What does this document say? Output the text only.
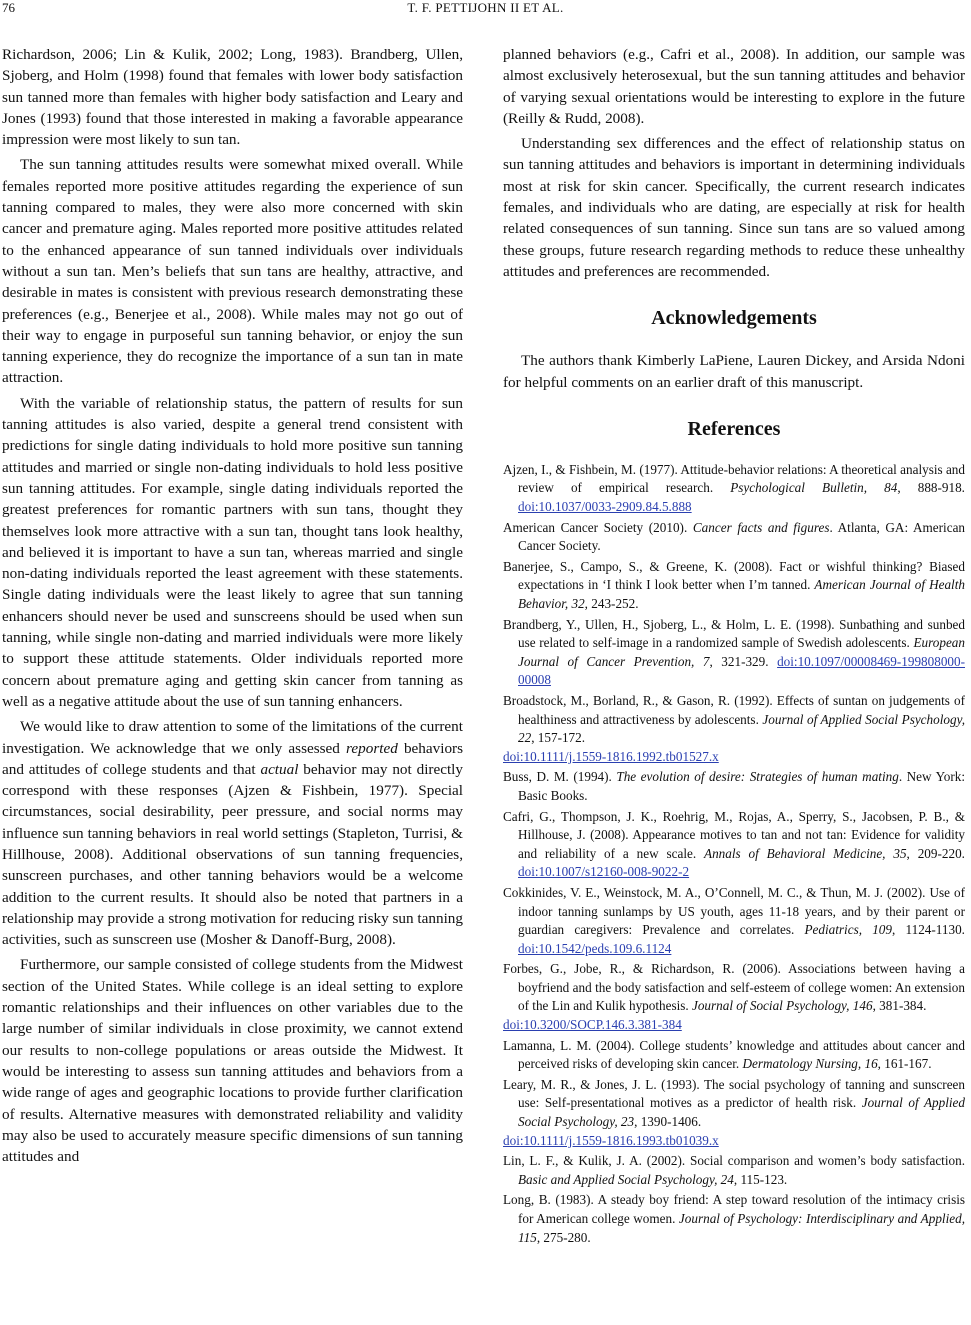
76	T. F. PETTIJOHN II ET AL.

Richardson, 2006; Lin & Kulik, 2002; Long, 1983). Brandberg, Ullen, Sjoberg, and Holm (1998) found that females with lower body satisfaction sun tanned more than females with higher body satisfaction and Leary and Jones (1993) found that those interested in making a favorable appearance impression were most likely to sun tan.

The sun tanning attitudes results were somewhat mixed overall. While females reported more positive attitudes regarding the experience of sun tanning compared to males, they were also more concerned with skin cancer and premature aging. Males reported more positive attitudes related to the enhanced appearance of sun tanned individuals over individuals without a sun tan. Men’s beliefs that sun tans are healthy, attractive, and desirable in mates is consistent with previous research demonstrating these preferences (e.g., Benerjee et al., 2008). While males may not go out of their way to engage in purposeful sun tanning behavior, or enjoy the sun tanning experience, they do recognize the importance of a sun tan in mate attraction.

With the variable of relationship status, the pattern of results for sun tanning attitudes is also varied, despite a general trend consistent with predictions for single dating individuals to hold more positive sun tanning attitudes and married or single non-dating individuals to hold less positive sun tanning attitudes. For example, single dating individuals reported the greatest preferences for romantic partners with sun tans, thought they themselves look more attractive with a sun tan, thought tans look healthy, and believed it is important to have a sun tan, whereas married and single non-dating individuals reported the least agreement with these statements. Single dating individuals were the least likely to agree that sun tanning enhancers should never be used and sunscreens should be used when sun tanning, while single non-dating and married individuals were more likely to support these attitude statements. Older individuals reported more concern about premature aging and getting skin cancer from tanning as well as a negative attitude about the use of sun tanning enhancers.

We would like to draw attention to some of the limitations of the current investigation. We acknowledge that we only assessed reported behaviors and attitudes of college students and that actual behavior may not directly correspond with these responses (Ajzen & Fishbein, 1977). Special circumstances, social desirability, peer pressure, and social norms may influence sun tanning behaviors in real world settings (Stapleton, Turrisi, & Hillhouse, 2008). Additional observations of sun tanning frequencies, sunscreen purchases, and other tanning behaviors would be a welcome addition to the current results. It should also be noted that partners in a relationship may provide a strong motivation for reducing risky sun tanning activities, such as sunscreen use (Mosher & Danoff-Burg, 2008).

Furthermore, our sample consisted of college students from the Midwest section of the United States. While college is an ideal setting to explore romantic relationships and their influences on other variables due to the large number of similar individuals in close proximity, we cannot extend our results to non-college populations or areas outside the Midwest. It would be interesting to assess sun tanning attitudes and behaviors from a wide range of ages and geographic locations to provide further clarification of results. Alternative measures with demonstrated reliability and validity may also be used to accurately measure specific dimensions of sun tanning attitudes and

planned behaviors (e.g., Cafri et al., 2008). In addition, our sample was almost exclusively heterosexual, but the sun tanning attitudes and behavior of varying sexual orientations would be interesting to explore in the future (Reilly & Rudd, 2008).

Understanding sex differences and the effect of relationship status on sun tanning attitudes and behaviors is important in determining individuals most at risk for skin cancer. Specifically, the current research indicates females, and individuals who are dating, are especially at risk for health related consequences of sun tanning. Since sun tans are so valued among these groups, future research regarding methods to reduce these unhealthy attitudes and preferences are recommended.

Acknowledgements

The authors thank Kimberly LaPiene, Lauren Dickey, and Arsida Ndoni for helpful comments on an earlier draft of this manuscript.

References

Ajzen, I., & Fishbein, M. (1977). Attitude-behavior relations: A theoretical analysis and review of empirical research. Psychological Bulletin, 84, 888-918. doi:10.1037/0033-2909.84.5.888

American Cancer Society (2010). Cancer facts and figures. Atlanta, GA: American Cancer Society.

Banerjee, S., Campo, S., & Greene, K. (2008). Fact or wishful thinking? Biased expectations in ‘I think I look better when I’m tanned. American Journal of Health Behavior, 32, 243-252.

Brandberg, Y., Ullen, H., Sjoberg, L., & Holm, L. E. (1998). Sunbathing and sunbed use related to self-image in a randomized sample of Swedish adolescents. European Journal of Cancer Prevention, 7, 321-329. doi:10.1097/00008469-199808000-00008

Broadstock, M., Borland, R., & Gason, R. (1992). Effects of suntan on judgements of healthiness and attractiveness by adolescents. Journal of Applied Social Psychology, 22, 157-172.
doi:10.1111/j.1559-1816.1992.tb01527.x

Buss, D. M. (1994). The evolution of desire: Strategies of human mating. New York: Basic Books.

Cafri, G., Thompson, J. K., Roehrig, M., Rojas, A., Sperry, S., Jacobsen, P. B., & Hillhouse, J. (2008). Appearance motives to tan and not tan: Evidence for validity and reliability of a new scale. Annals of Behavioral Medicine, 35, 209-220. doi:10.1007/s12160-008-9022-2

Cokkinides, V. E., Weinstock, M. A., O’Connell, M. C., & Thun, M. J. (2002). Use of indoor tanning sunlamps by US youth, ages 11-18 years, and by their parent or guardian caregivers: Prevalence and correlates. Pediatrics, 109, 1124-1130. doi:10.1542/peds.109.6.1124

Forbes, G., Jobe, R., & Richardson, R. (2006). Associations between having a boyfriend and the body satisfaction and self-esteem of college women: An extension of the Lin and Kulik hypothesis. Journal of Social Psychology, 146, 381-384.
doi:10.3200/SOCP.146.3.381-384

Lamanna, L. M. (2004). College students’ knowledge and attitudes about cancer and perceived risks of developing skin cancer. Dermatology Nursing, 16, 161-167.

Leary, M. R., & Jones, J. L. (1993). The social psychology of tanning and sunscreen use: Self-presentational motives as a predictor of health risk. Journal of Applied Social Psychology, 23, 1390-1406.
doi:10.1111/j.1559-1816.1993.tb01039.x

Lin, L. F., & Kulik, J. A. (2002). Social comparison and women’s body satisfaction. Basic and Applied Social Psychology, 24, 115-123.

Long, B. (1983). A steady boy friend: A step toward resolution of the intimacy crisis for American college women. Journal of Psychology: Interdisciplinary and Applied, 115, 275-280.
